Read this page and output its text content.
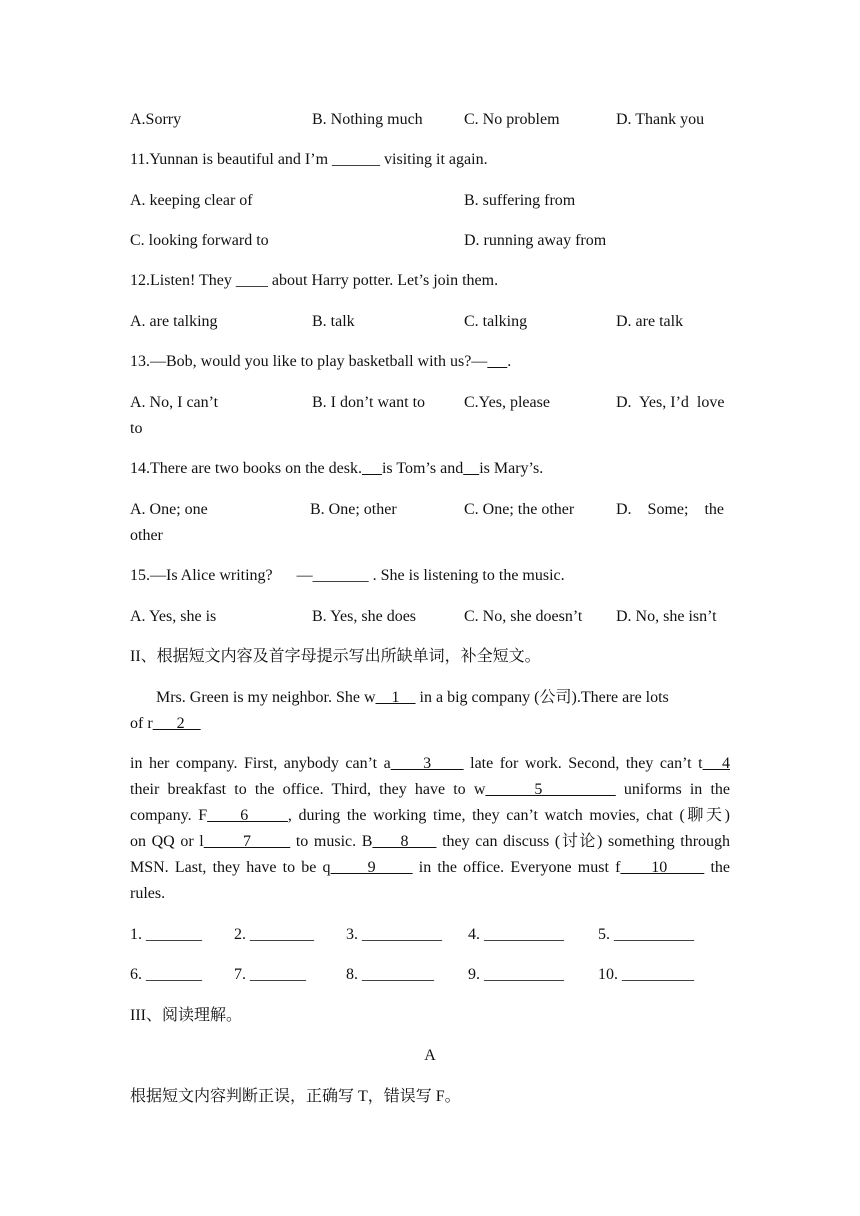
A.Sorry	B. Nothing much	C. No problem	D. Thank you
11.Yunnan is beautiful and I’m ______ visiting it again.
A. keeping clear of	B. suffering from
C. looking forward to	D. running away from
12.Listen! They ____ about Harry potter. Let’s join them.
A. are talking	B. talk	C. talking	D. are talk
13.—Bob, would you like to play basketball with us?— .
A. No, I can’t	B. I don’t want to C.Yes, please	D.  Yes, I’d  love
to
14.There are two books on the desk. is Tom’s and is Mary’s.
A. One; one	B. One; other	C. One; the other	D.    Some;    the
other
15.—Is Alice writing?      —_______ . She is listening to the music.
A. Yes, she is	B. Yes, she does	C. No, she doesn’t D. No, she isn’t
II、根据短文内容及首字母提示写出所缺单词，补全短文。
Mrs. Green is my neighbor. She w    1     in a big company (公司).There are lots
of r      2
in her company. First, anybody can’t a     3      late for work. Second, they can’t t   4
their breakfast to the office. Third, they have to w      5          uniforms in the
company. F     6      , during the working time, they can’t watch movies, chat (聊天)
on QQ or l       7        to music. B     8      they can discuss (讨论) something through
MSN. Last, they have to be q      9       in the office. Everyone must f     10       the
rules.
1. _______ 2. ________ 3. __________ 4. __________ 5. __________
6. _______ 7. _______	8. _________ 9. __________ 10. _________
III、阅读理解。
A
根据短文内容判断正误，正确写 T，错误写 F。
